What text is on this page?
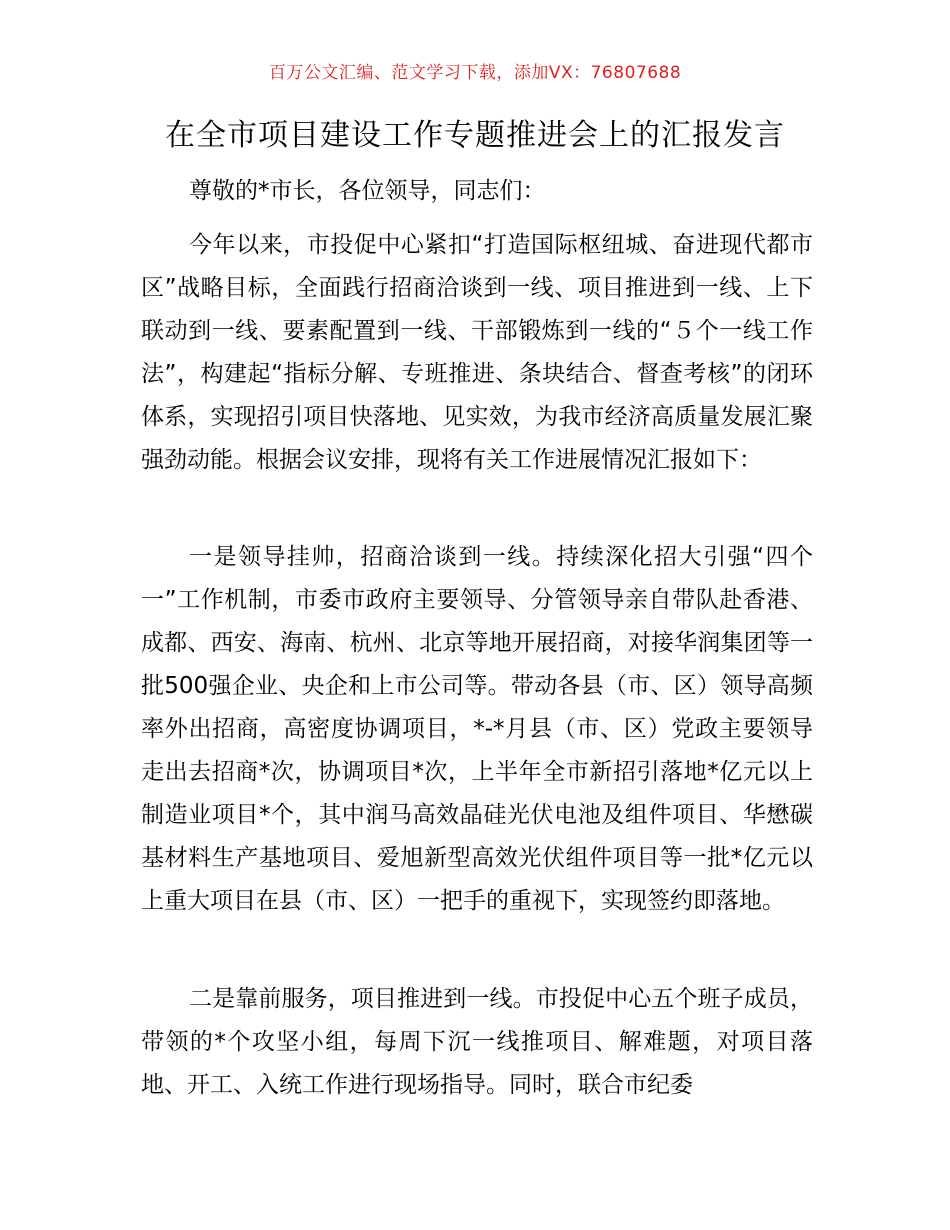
百万公文汇编、范文学习下载，添加VX：76807688
在全市项目建设工作专题推进会上的汇报发言

尊敬的*市长，各位领导，同志们：

今年以来，市投促中心紧扣“打造国际枢纽城、奋进现代都市区”战略目标，全面践行招商洽谈到一线、项目推进到一线、上下联动到一线、要素配置到一线、干部锻炼到一线的“５个一线工作法”，构建起“指标分解、专班推进、条块结合、督查考核”的闭环体系，实现招引项目快落地、见实效，为我市经济高质量发展汇聚强劲动能。根据会议安排，现将有关工作进展情况汇报如下：

一是领导挂帅，招商洽谈到一线。持续深化招大引强“四个一”工作机制，市委市政府主要领导、分管领导亲自带队赴香港、成都、西安、海南、杭州、北京等地开展招商，对接华润集团等一批500强企业、央企和上市公司等。带动各县（市、区）领导高频率外出招商，高密度协调项目，*-*月县（市、区）党政主要领导走出去招商*次，协调项目*次，上半年全市新招引落地*亿元以上制造业项目*个，其中润马高效晶硅光伏电池及组件项目、华懋碳基材料生产基地项目、爱旭新型高效光伏组件项目等一批*亿元以上重大项目在县（市、区）一把手的重视下，实现签约即落地。

二是靠前服务，项目推进到一线。市投促中心五个班子成员，带领的*个攻坚小组，每周下沉一线推项目、解难题，对项目落地、开工、入统工作进行现场指导。同时，联合市纪委
